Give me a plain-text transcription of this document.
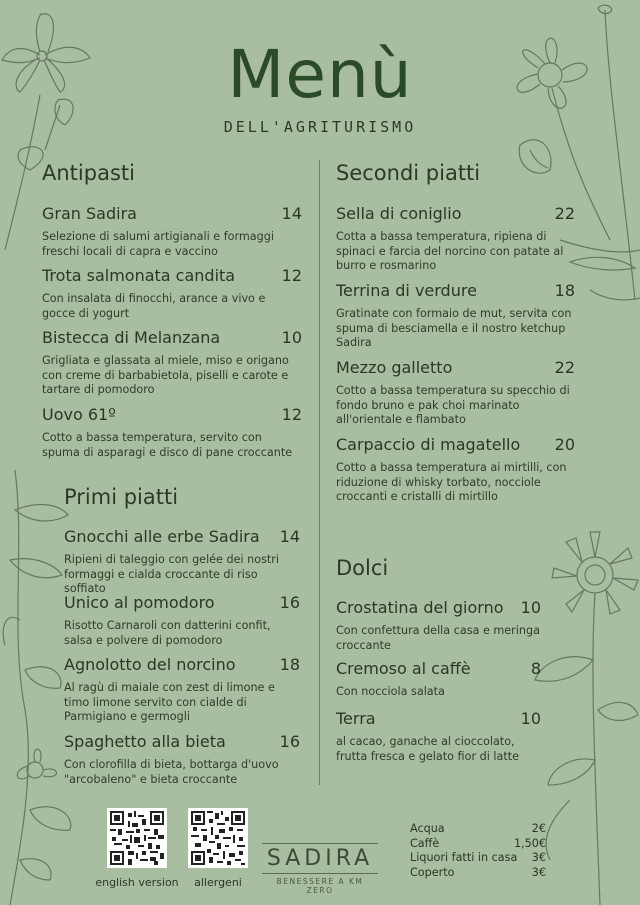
Menù
DELL'AGRITURISMO
Antipasti
Gran Sadira	14
Selezione di salumi artigianali e formaggi freschi locali di capra e vaccino
Trota salmonata candita	12
Con insalata di finocchi, arance a vivo e gocce di yogurt
Bistecca di Melanzana	10
Grigliata e glassata al miele, miso e origano con creme di barbabietola, piselli e carote e tartare di pomodoro
Uovo 61º	12
Cotto a bassa temperatura, servito con spuma di asparagi e disco di pane croccante
Primi piatti
Gnocchi alle erbe Sadira 14
Ripieni di taleggio con gelée dei nostri formaggi e cialda croccante di riso soffiato
Unico al pomodoro	16
Risotto Carnaroli con datterini confit, salsa e polvere di pomodoro
Agnolotto del norcino	18
Al ragù di maiale con zest di limone e timo limone servito con cialde di Parmigiano e germogli
Spaghetto alla bieta	16
Con clorofilla di bieta, bottarga d'uovo "arcobaleno" e bieta croccante
Secondi piatti
Sella di coniglio	22
Cotta a bassa temperatura, ripiena di spinaci e farcia del norcino con patate al burro e rosmarino
Terrina di verdure	18
Gratinate con formaio de mut, servita con spuma di besciamella e il nostro ketchup Sadira
Mezzo galletto	22
Cotto a bassa temperatura su specchio di fondo bruno e pak choi marinato all'orientale e flambato
Carpaccio di magatello 20
Cotto a bassa temperatura ai mirtilli, con riduzione di whisky torbato, nocciole croccanti e cristalli di mirtillo
Dolci
Crostatina del giorno 10
Con confettura della casa e meringa croccante
Cremoso al caffè	8
Con nocciola salata
Terra	10
al cacao, ganache al cioccolato, frutta fresca e gelato fior di latte
english version	allergeni
SADIRA
BENESSERE A KM ZERO
Acqua	2€
Caffè	1,50€
Liquori fatti in casa 3€
Coperto	3€
